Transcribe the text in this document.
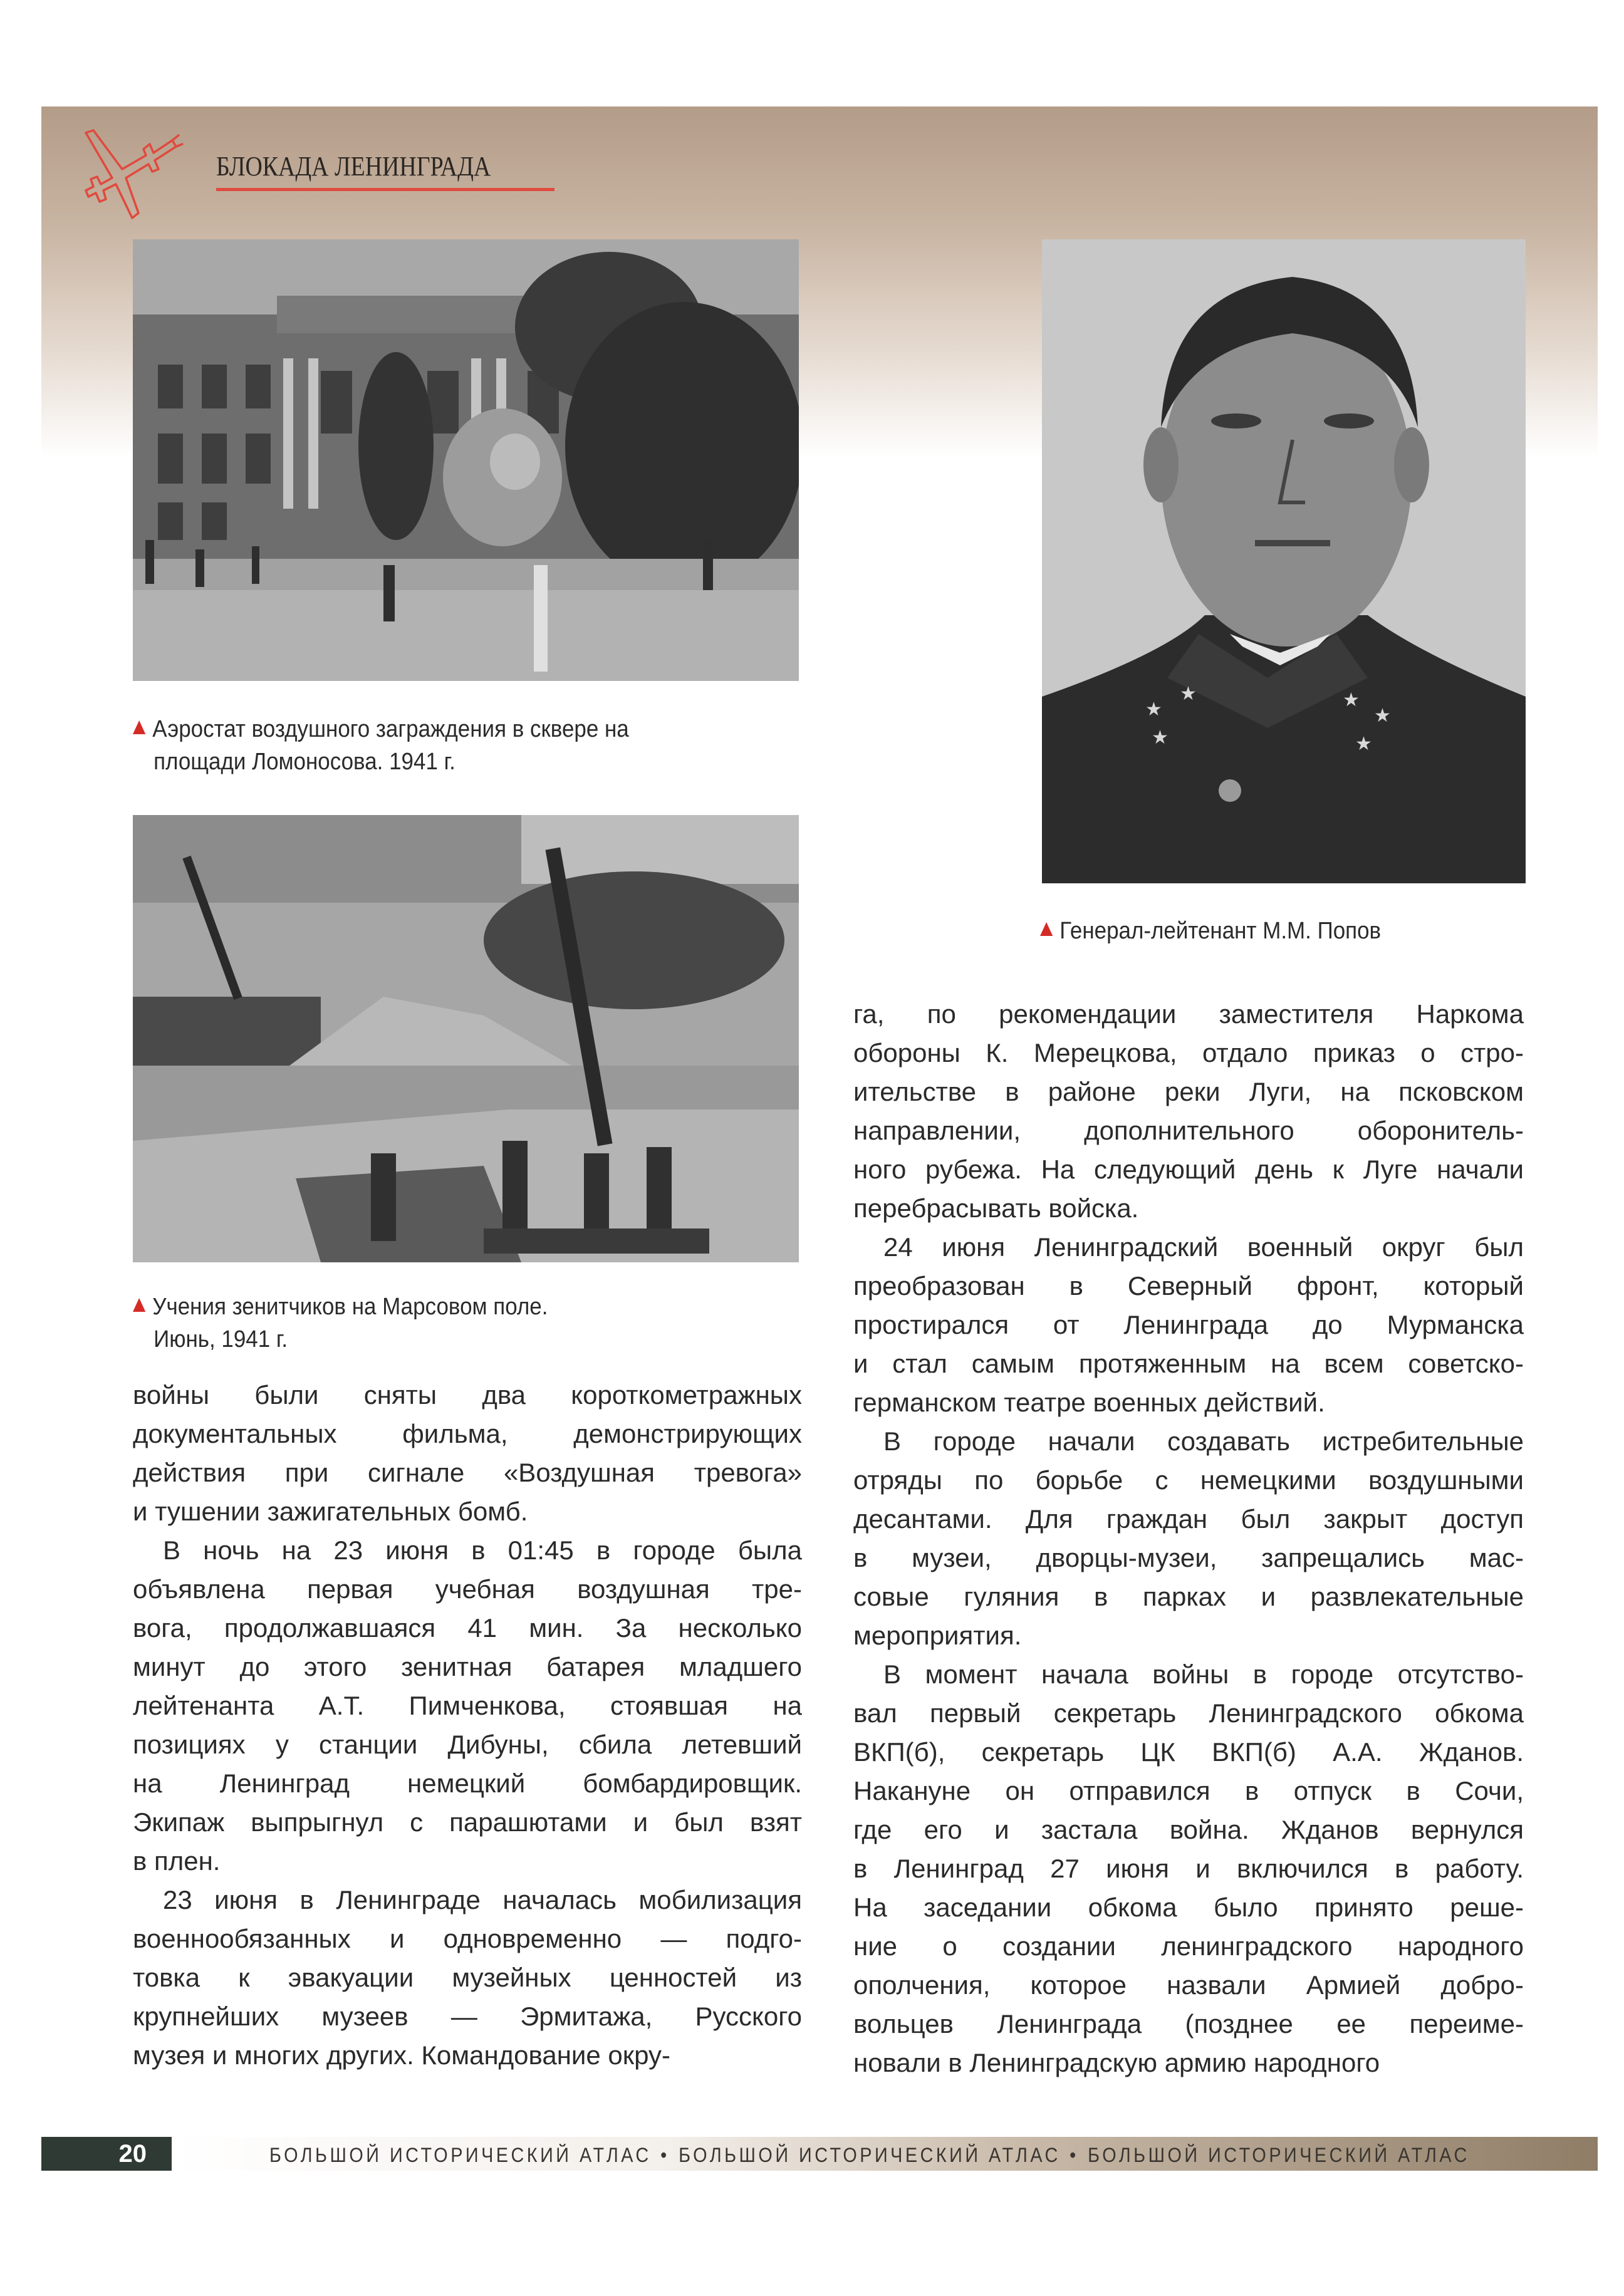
БЛОКАДА ЛЕНИНГРАДА
Аэростат воздушного заграждения в сквере на
площади Ломоносова. 1941 г.
Учения зенитчиков на Марсовом поле.
Июнь, 1941 г.
★
★
★
★
★
★
Генерал-лейтенант М.М. Попов
войны были сняты два короткометражных
документальных фильма, демонстрирующих
действия при сигнале «Воздушная тревога»
и тушении зажигательных бомб.
В ночь на 23 июня в 01:45 в городе была
объявлена первая учебная воздушная тре-
вога, продолжавшаяся 41 мин. За несколько
минут до этого зенитная батарея младшего
лейтенанта А.Т. Пимченкова, стоявшая на
позициях у станции Дибуны, сбила летевший
на Ленинград немецкий бомбардировщик.
Экипаж выпрыгнул с парашютами и был взят
в плен.
23 июня в Ленинграде началась мобилизация
военнообязанных и одновременно — подго-
товка к эвакуации музейных ценностей из
крупнейших музеев — Эрмитажа, Русского
музея и многих других. Командование окру-
га, по рекомендации заместителя Наркома
обороны К. Мерецкова, отдало приказ о стро-
ительстве в районе реки Луги, на псковском
направлении, дополнительного оборонитель-
ного рубежа. На следующий день к Луге начали
перебрасывать войска.
24 июня Ленинградский военный округ был
преобразован в Северный фронт, который
простирался от Ленинграда до Мурманска
и стал самым протяженным на всем советско-
германском театре военных действий.
В городе начали создавать истребительные
отряды по борьбе с немецкими воздушными
десантами. Для граждан был закрыт доступ
в музеи, дворцы-музеи, запрещались мас-
совые гуляния в парках и развлекательные
мероприятия.
В момент начала войны в городе отсутство-
вал первый секретарь Ленинградского обкома
ВКП(б), секретарь ЦК ВКП(б) А.А. Жданов.
Накануне он отправился в отпуск в Сочи,
где его и застала война. Жданов вернулся
в Ленинград 27 июня и включился в работу.
На заседании обкома было принято реше-
ние о создании ленинградского народного
ополчения, которое назвали Армией добро-
вольцев Ленинграда (позднее ее переиме-
новали в Ленинградскую армию народного
20	БОЛЬШОЙ ИСТОРИЧЕСКИЙ АТЛАС • БОЛЬШОЙ ИСТОРИЧЕСКИЙ АТЛАС • БОЛЬШОЙ ИСТОРИЧЕСКИЙ АТЛАС
